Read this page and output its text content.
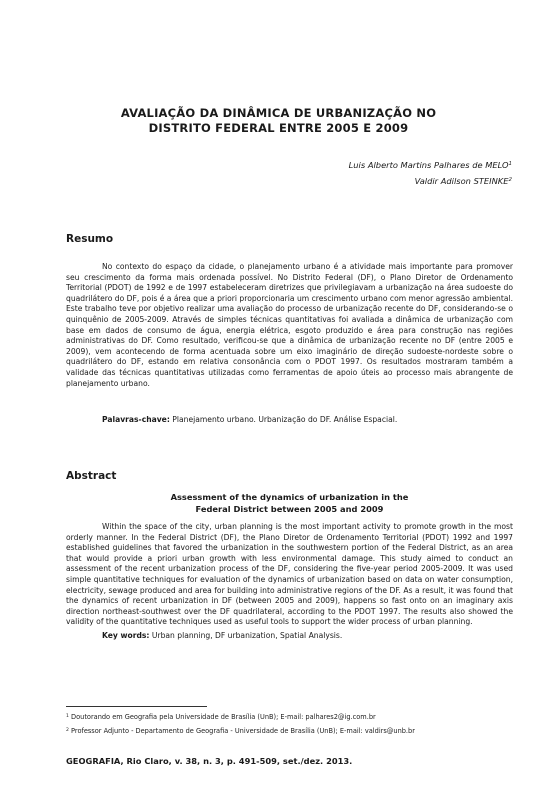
AVALIAÇÃO DA DINÂMICA DE URBANIZAÇÃO NO
DISTRITO FEDERAL ENTRE 2005 E 2009
Luis Alberto Martins Palhares de MELO$^1$
Valdir Adilson STEINKE$^2$
Resumo

No contexto do espaço da cidade, o planejamento urbano é a atividade mais importante para promover seu crescimento da forma mais ordenada possível. No Distrito Federal (DF), o Plano Diretor de Ordenamento Territorial (PDOT) de 1992 e de 1997 estabeleceram diretrizes que privilegiavam a urbanização na área sudoeste do quadrilátero do DF, pois é a área que a priori proporcionaria um crescimento urbano com menor agressão ambiental. Este trabalho teve por objetivo realizar uma avaliação do processo de urbanização recente do DF, considerando-se o quinquênio de 2005-2009. Através de simples técnicas quantitativas foi avaliada a dinâmica de urbanização com base em dados de consumo de água, energia elétrica, esgoto produzido e área para construção nas regiões administrativas do DF. Como resultado, verificou-se que a dinâmica de urbanização recente no DF (entre 2005 e 2009), vem acontecendo de forma acentuada sobre um eixo imaginário de direção sudoeste-nordeste sobre o quadrilátero do DF, estando em relativa consonância com o PDOT 1997. Os resultados mostraram também a validade das técnicas quantitativas utilizadas como ferramentas de apoio úteis ao processo mais abrangente de planejamento urbano.

Palavras-chave: Planejamento urbano. Urbanização do DF. Análise Espacial.
Abstract
Assessment of the dynamics of urbanization in the
Federal District between 2005 and 2009

Within the space of the city, urban planning is the most important activity to promote growth in the most orderly manner. In the Federal District (DF), the Plano Diretor de Ordenamento Territorial (PDOT) 1992 and 1997 established guidelines that favored the urbanization in the southwestern portion of the Federal District, as an area that would provide a priori urban growth with less environmental damage. This study aimed to conduct an assessment of the recent urbanization process of the DF, considering the five-year period 2005-2009. It was used simple quantitative techniques for evaluation of the dynamics of urbanization based on data on water consumption, electricity, sewage produced and area for building into administrative regions of the DF. As a result, it was found that the dynamics of recent urbanization in DF (between 2005 and 2009), happens so fast onto on an imaginary axis direction northeast-southwest over the DF quadrilateral, according to the PDOT 1997. The results also showed the validity of the quantitative techniques used as useful tools to support the wider process of urban planning.

Key words: Urban planning, DF urbanization, Spatial Analysis.
$^1$ Doutorando em Geografia pela Universidade de Brasília (UnB); E-mail: palhares2@ig.com.br
$^2$ Professor Adjunto - Departamento de Geografia - Universidade de Brasília (UnB); E-mail: valdirs@unb.br
GEOGRAFIA, Rio Claro, v. 38, n. 3, p. 491-509, set./dez. 2013.
